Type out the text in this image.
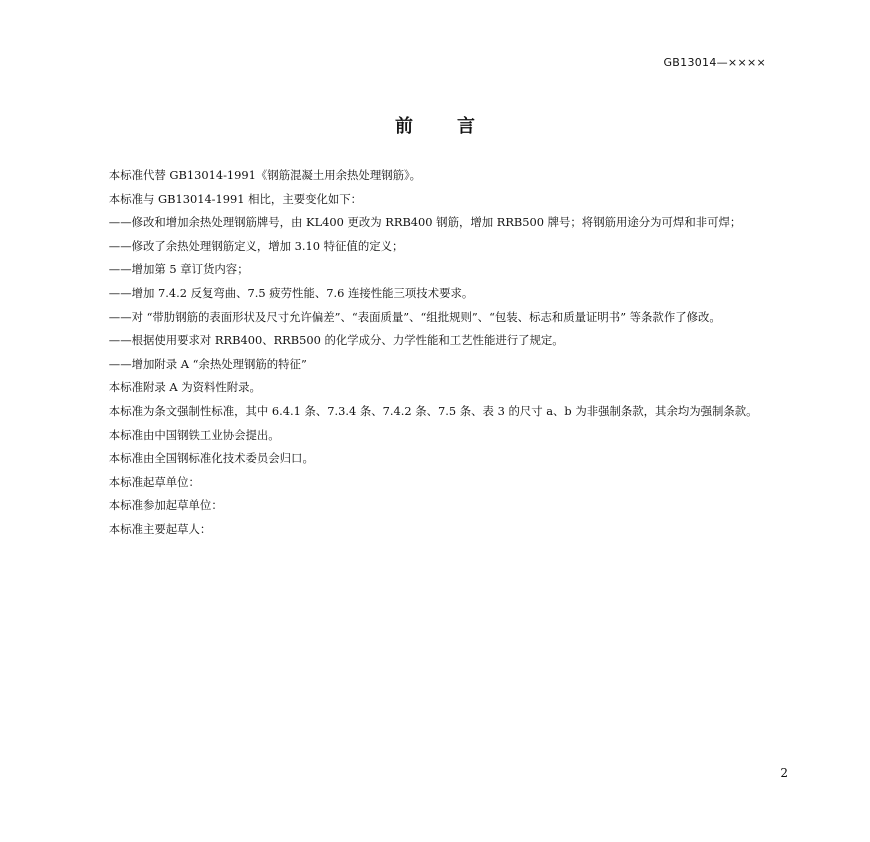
GB13014—××××
前 言

本标准代替 GB13014-1991《钢筋混凝土用余热处理钢筋》。

本标准与 GB13014-1991 相比，主要变化如下：

——修改和增加余热处理钢筋牌号，由 KL400 更改为 RRB400 钢筋，增加 RRB500 牌号；将钢筋用途分为可焊和非可焊；

——修改了余热处理钢筋定义，增加 3.10 特征值的定义；

——增加第 5 章订货内容；

——增加 7.4.2 反复弯曲、7.5 疲劳性能、7.6 连接性能三项技术要求。

——对 “带肋钢筋的表面形状及尺寸允许偏差”、“表面质量”、“组批规则”、“包装、标志和质量证明书” 等条款作了修改。

——根据使用要求对 RRB400、RRB500 的化学成分、力学性能和工艺性能进行了规定。

——增加附录 A “余热处理钢筋的特征”

本标准附录 A 为资料性附录。

本标准为条文强制性标准，其中 6.4.1 条、7.3.4 条、7.4.2 条、7.5 条、表 3 的尺寸 a、b 为非强制条款，其余均为强制条款。

本标准由中国钢铁工业协会提出。

本标准由全国钢标准化技术委员会归口。

本标准起草单位：

本标准参加起草单位：

本标准主要起草人：

2
